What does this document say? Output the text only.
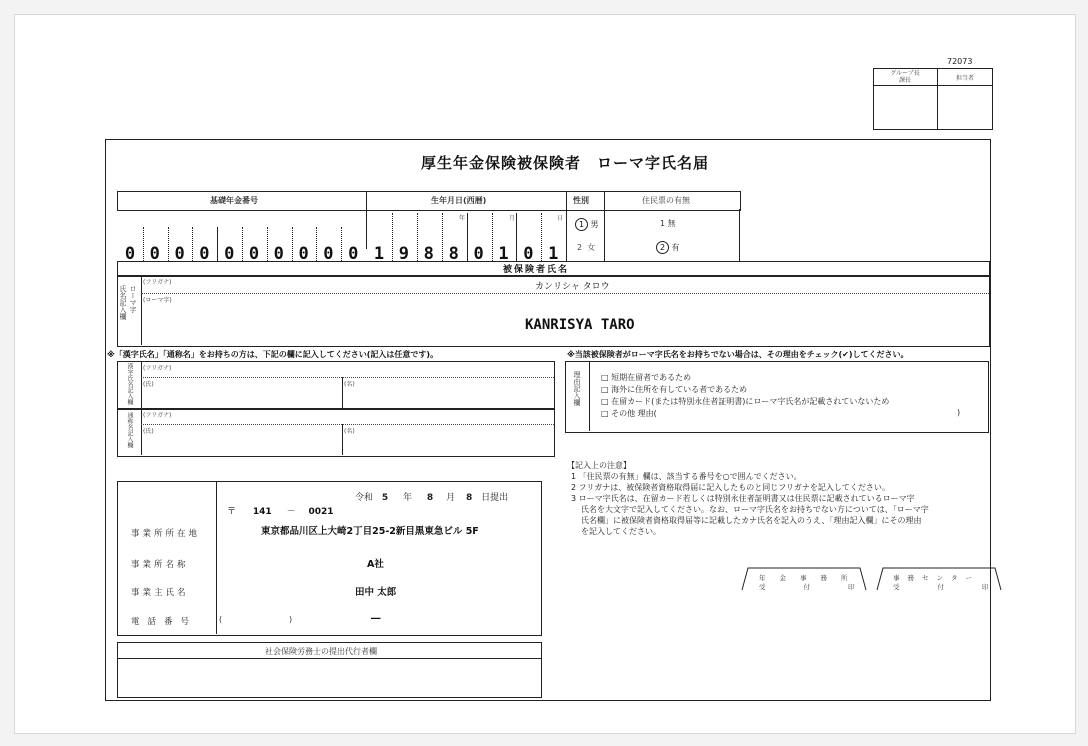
72073
グループ長
課長	担当者
厚生年金保険被保険者　ローマ字氏名届
基礎年金番号	生年月日(西暦)	性別	住民票の有無
年	月	日
1 男
2 女
1 無
2 有
被保険者氏名
氏名記入欄 ローマ字
(フリガナ)
(ローマ字)
カンリシャ タロウ
KANRISYA TARO
※「漢字氏名」「通称名」をお持ちの方は、下記の欄に記入してください(記入は任意です)。	※当該被保険者がローマ字氏名をお持ちでない場合は、その理由をチェック(✔)してください。
漢字氏名記入欄 (フリガナ)
(氏)	(名)
通称名記入欄 (フリガナ)
(氏)	(名)
理由記入欄	□ 短期在留者であるため
□ 海外に住所を有している者であるため
□ 在留カード(または特別永住者証明書)にローマ字氏名が記載されていないため
□ その他 理由(	)
【記入上の注意】
1 「住民票の有無」欄は、該当する番号を○で囲んでください。
2 フリガナは、被保険者資格取得届に記入したものと同じフリガナを記入してください。
3 ローマ字氏名は、在留カード若しくは特別永住者証明書又は住民票に記載されているローマ字
氏名を大文字で記入してください。なお、ローマ字氏名をお持ちでない方については、「ローマ字
氏名欄」に被保険者資格取得届等に記載したカナ氏名を記入のうえ、「理由記入欄」にその理由
を記入してください。
令和 5 年 8 月 8 日提出
〒 141 － 0021
事業所所在地	東京都品川区上大崎2丁目25-2新目黒東急ビル 5F
事業所名称	A社
事業主氏名	田中 太郎
電話番号	(	)	―
社会保険労務士の提出代行者欄
年 金 事 務 所
受	付	印
事 務 セ ン タ ー
受	付	印
0 0 0 0 0 0 0 0 0 0 1 9 8 8 0 1 0 1
